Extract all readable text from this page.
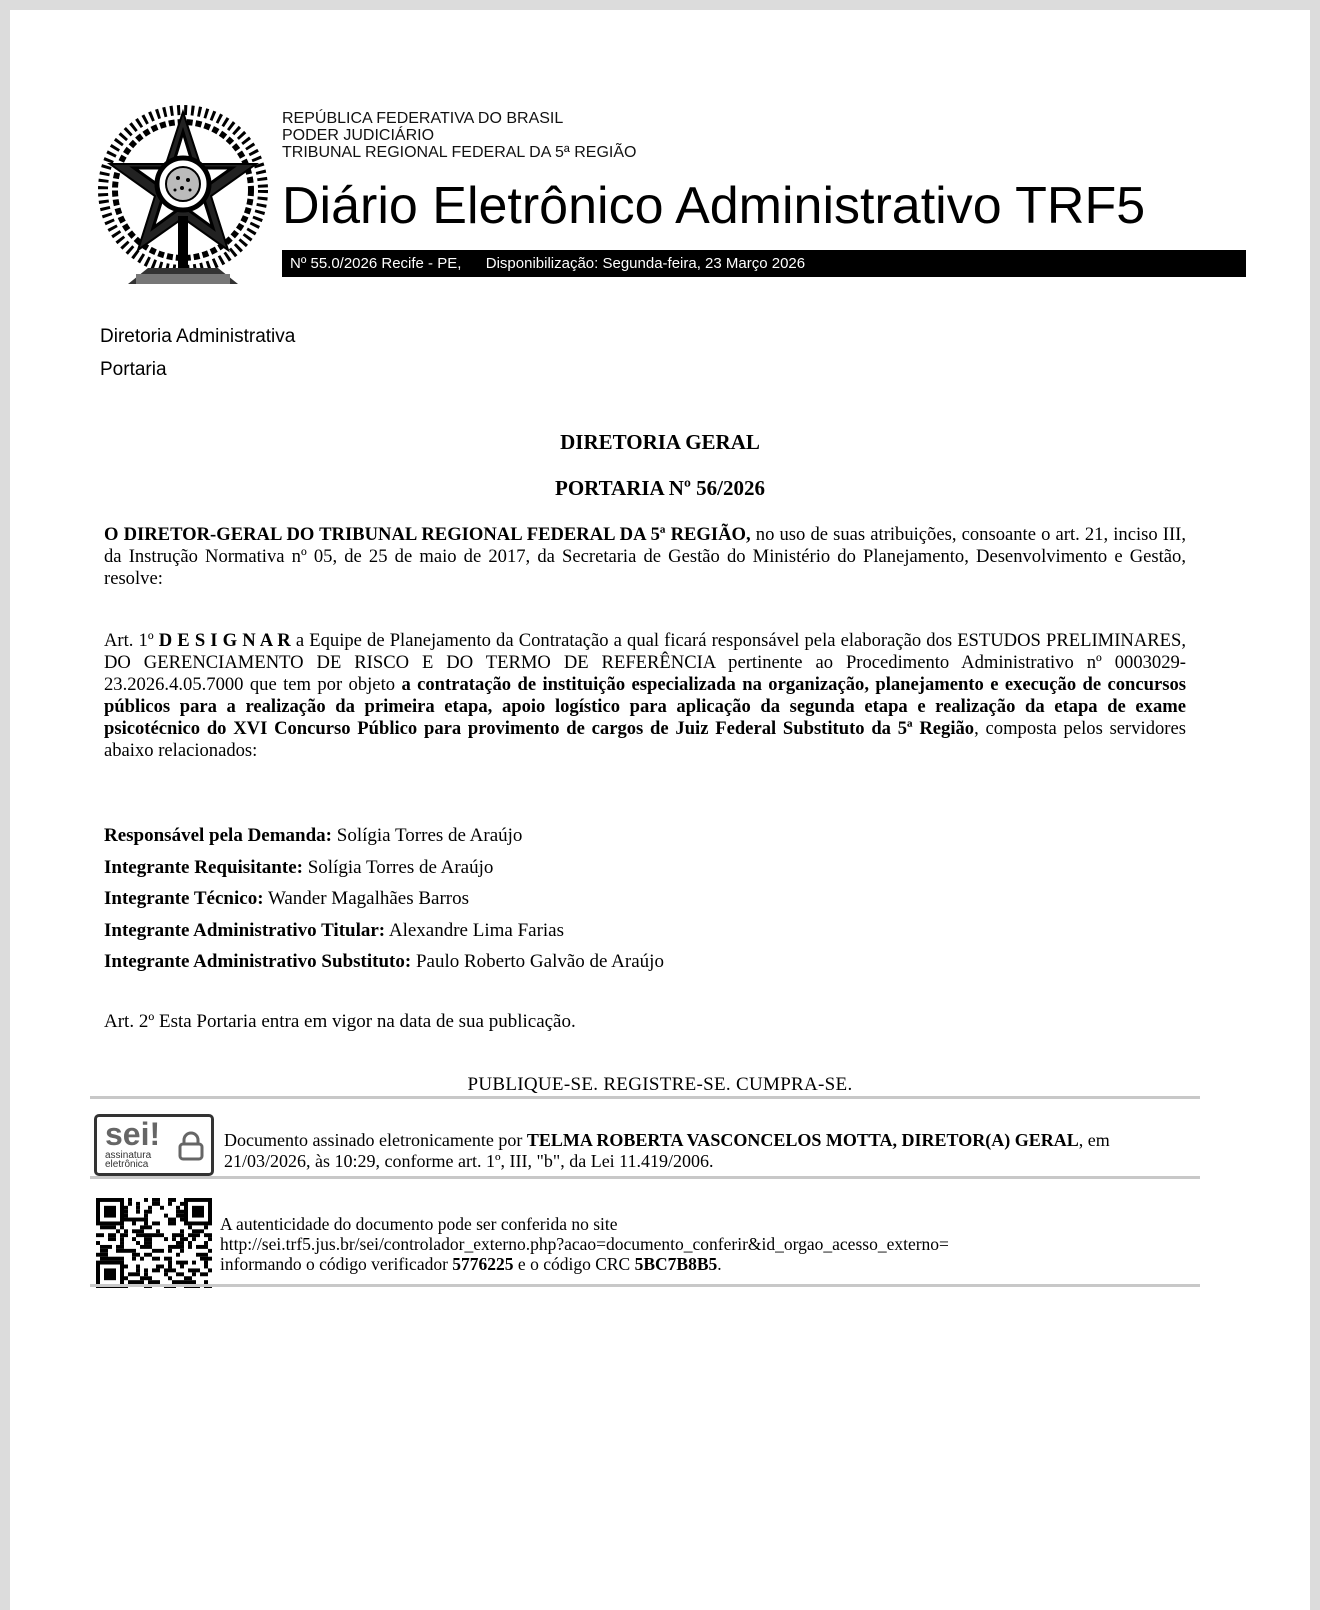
REPÚBLICA FEDERATIVA DO BRASIL
PODER JUDICIÁRIO
TRIBUNAL REGIONAL FEDERAL DA 5ª REGIÃO
Diário Eletrônico Administrativo TRF5
Nº 55.0/2026 Recife - PE, Disponibilização: Segunda-feira, 23 Março 2026
Diretoria Administrativa
Portaria
DIRETORIA GERAL
PORTARIA Nº 56/2026
O DIRETOR-GERAL DO TRIBUNAL REGIONAL FEDERAL DA 5ª REGIÃO, no uso de suas atribuições, consoante o art. 21, inciso III, da Instrução Normativa nº 05, de 25 de maio de 2017, da Secretaria de Gestão do Ministério do Planejamento, Desenvolvimento e Gestão, resolve:
Art. 1º D E S I G N A R a Equipe de Planejamento da Contratação a qual ficará responsável pela elaboração dos ESTUDOS PRELIMINARES, DO GERENCIAMENTO DE RISCO E DO TERMO DE REFERÊNCIA pertinente ao Procedimento Administrativo nº 0003029-23.2026.4.05.7000 que tem por objeto a contratação de instituição especializada na organização, planejamento e execução de concursos públicos para a realização da primeira etapa, apoio logístico para aplicação da segunda etapa e realização da etapa de exame psicotécnico do XVI Concurso Público para provimento de cargos de Juiz Federal Substituto da 5ª Região, composta pelos servidores abaixo relacionados:
Responsável pela Demanda: Solígia Torres de Araújo
Integrante Requisitante: Solígia Torres de Araújo
Integrante Técnico: Wander Magalhães Barros
Integrante Administrativo Titular: Alexandre Lima Farias
Integrante Administrativo Substituto: Paulo Roberto Galvão de Araújo
Art. 2º Esta Portaria entra em vigor na data de sua publicação.
PUBLIQUE-SE. REGISTRE-SE. CUMPRA-SE.
sei!
assinatura
eletrônica
Documento assinado eletronicamente por TELMA ROBERTA VASCONCELOS MOTTA, DIRETOR(A) GERAL, em 21/03/2026, às 10:29, conforme art. 1º, III, "b", da Lei 11.419/2006.
A autenticidade do documento pode ser conferida no site
http://sei.trf5.jus.br/sei/controlador_externo.php?acao=documento_conferir&id_orgao_acesso_externo=
informando o código verificador 5776225 e o código CRC 5BC7B8B5.
